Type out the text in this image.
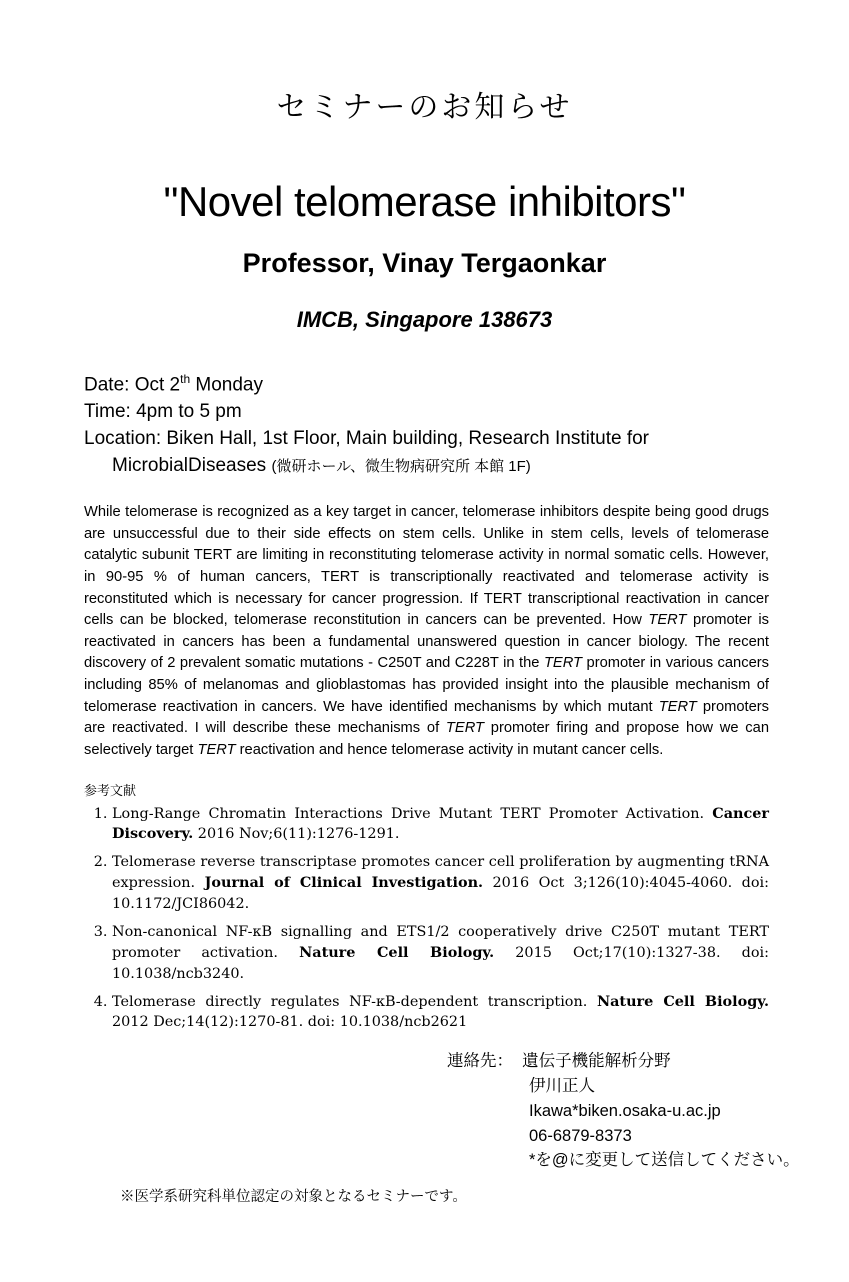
セミナーのお知らせ
"Novel telomerase inhibitors"
Professor, Vinay Tergaonkar
IMCB, Singapore 138673

Date: Oct 2th Monday

Time: 4pm to 5 pm

Location: Biken Hall, 1st Floor, Main building, Research Institute for

MicrobialDiseases (微研ホール、微生物病研究所 本館 1F)

While telomerase is recognized as a key target in cancer, telomerase inhibitors despite being good drugs are unsuccessful due to their side effects on stem cells. Unlike in stem cells, levels of telomerase catalytic subunit TERT are limiting in reconstituting telomerase activity in normal somatic cells. However, in 90-95 % of human cancers, TERT is transcriptionally reactivated and telomerase activity is reconstituted which is necessary for cancer progression. If TERT transcriptional reactivation in cancer cells can be blocked, telomerase reconstitution in cancers can be prevented. How TERT promoter is reactivated in cancers has been a fundamental unanswered question in cancer biology. The recent discovery of 2 prevalent somatic mutations - C250T and C228T in the TERT promoter in various cancers including 85% of melanomas and glioblastomas has provided insight into the plausible mechanism of telomerase reactivation in cancers. We have identified mechanisms by which mutant TERT promoters are reactivated. I will describe these mechanisms of TERT promoter firing and propose how we can selectively target TERT reactivation and hence telomerase activity in mutant cancer cells.
参考文献
1. Long-Range Chromatin Interactions Drive Mutant TERT Promoter Activation. Cancer Discovery. 2016 Nov;6(11):1276-1291.
2. Telomerase reverse transcriptase promotes cancer cell proliferation by augmenting tRNA expression. Journal of Clinical Investigation. 2016 Oct 3;126(10):4045-4060. doi: 10.1172/JCI86042.
3. Non-canonical NF-κB signalling and ETS1/2 cooperatively drive C250T mutant TERT promoter activation. Nature Cell Biology. 2015 Oct;17(10):1327-38. doi: 10.1038/ncb3240.
4. Telomerase directly regulates NF-κB-dependent transcription. Nature Cell Biology. 2012 Dec;14(12):1270-81. doi: 10.1038/ncb2621
連絡先： 遺伝子機能解析分野
伊川正人
Ikawa*biken.osaka-u.ac.jp
06-6879-8373
*を@に変更して送信してください。
※医学系研究科単位認定の対象となるセミナーです。
